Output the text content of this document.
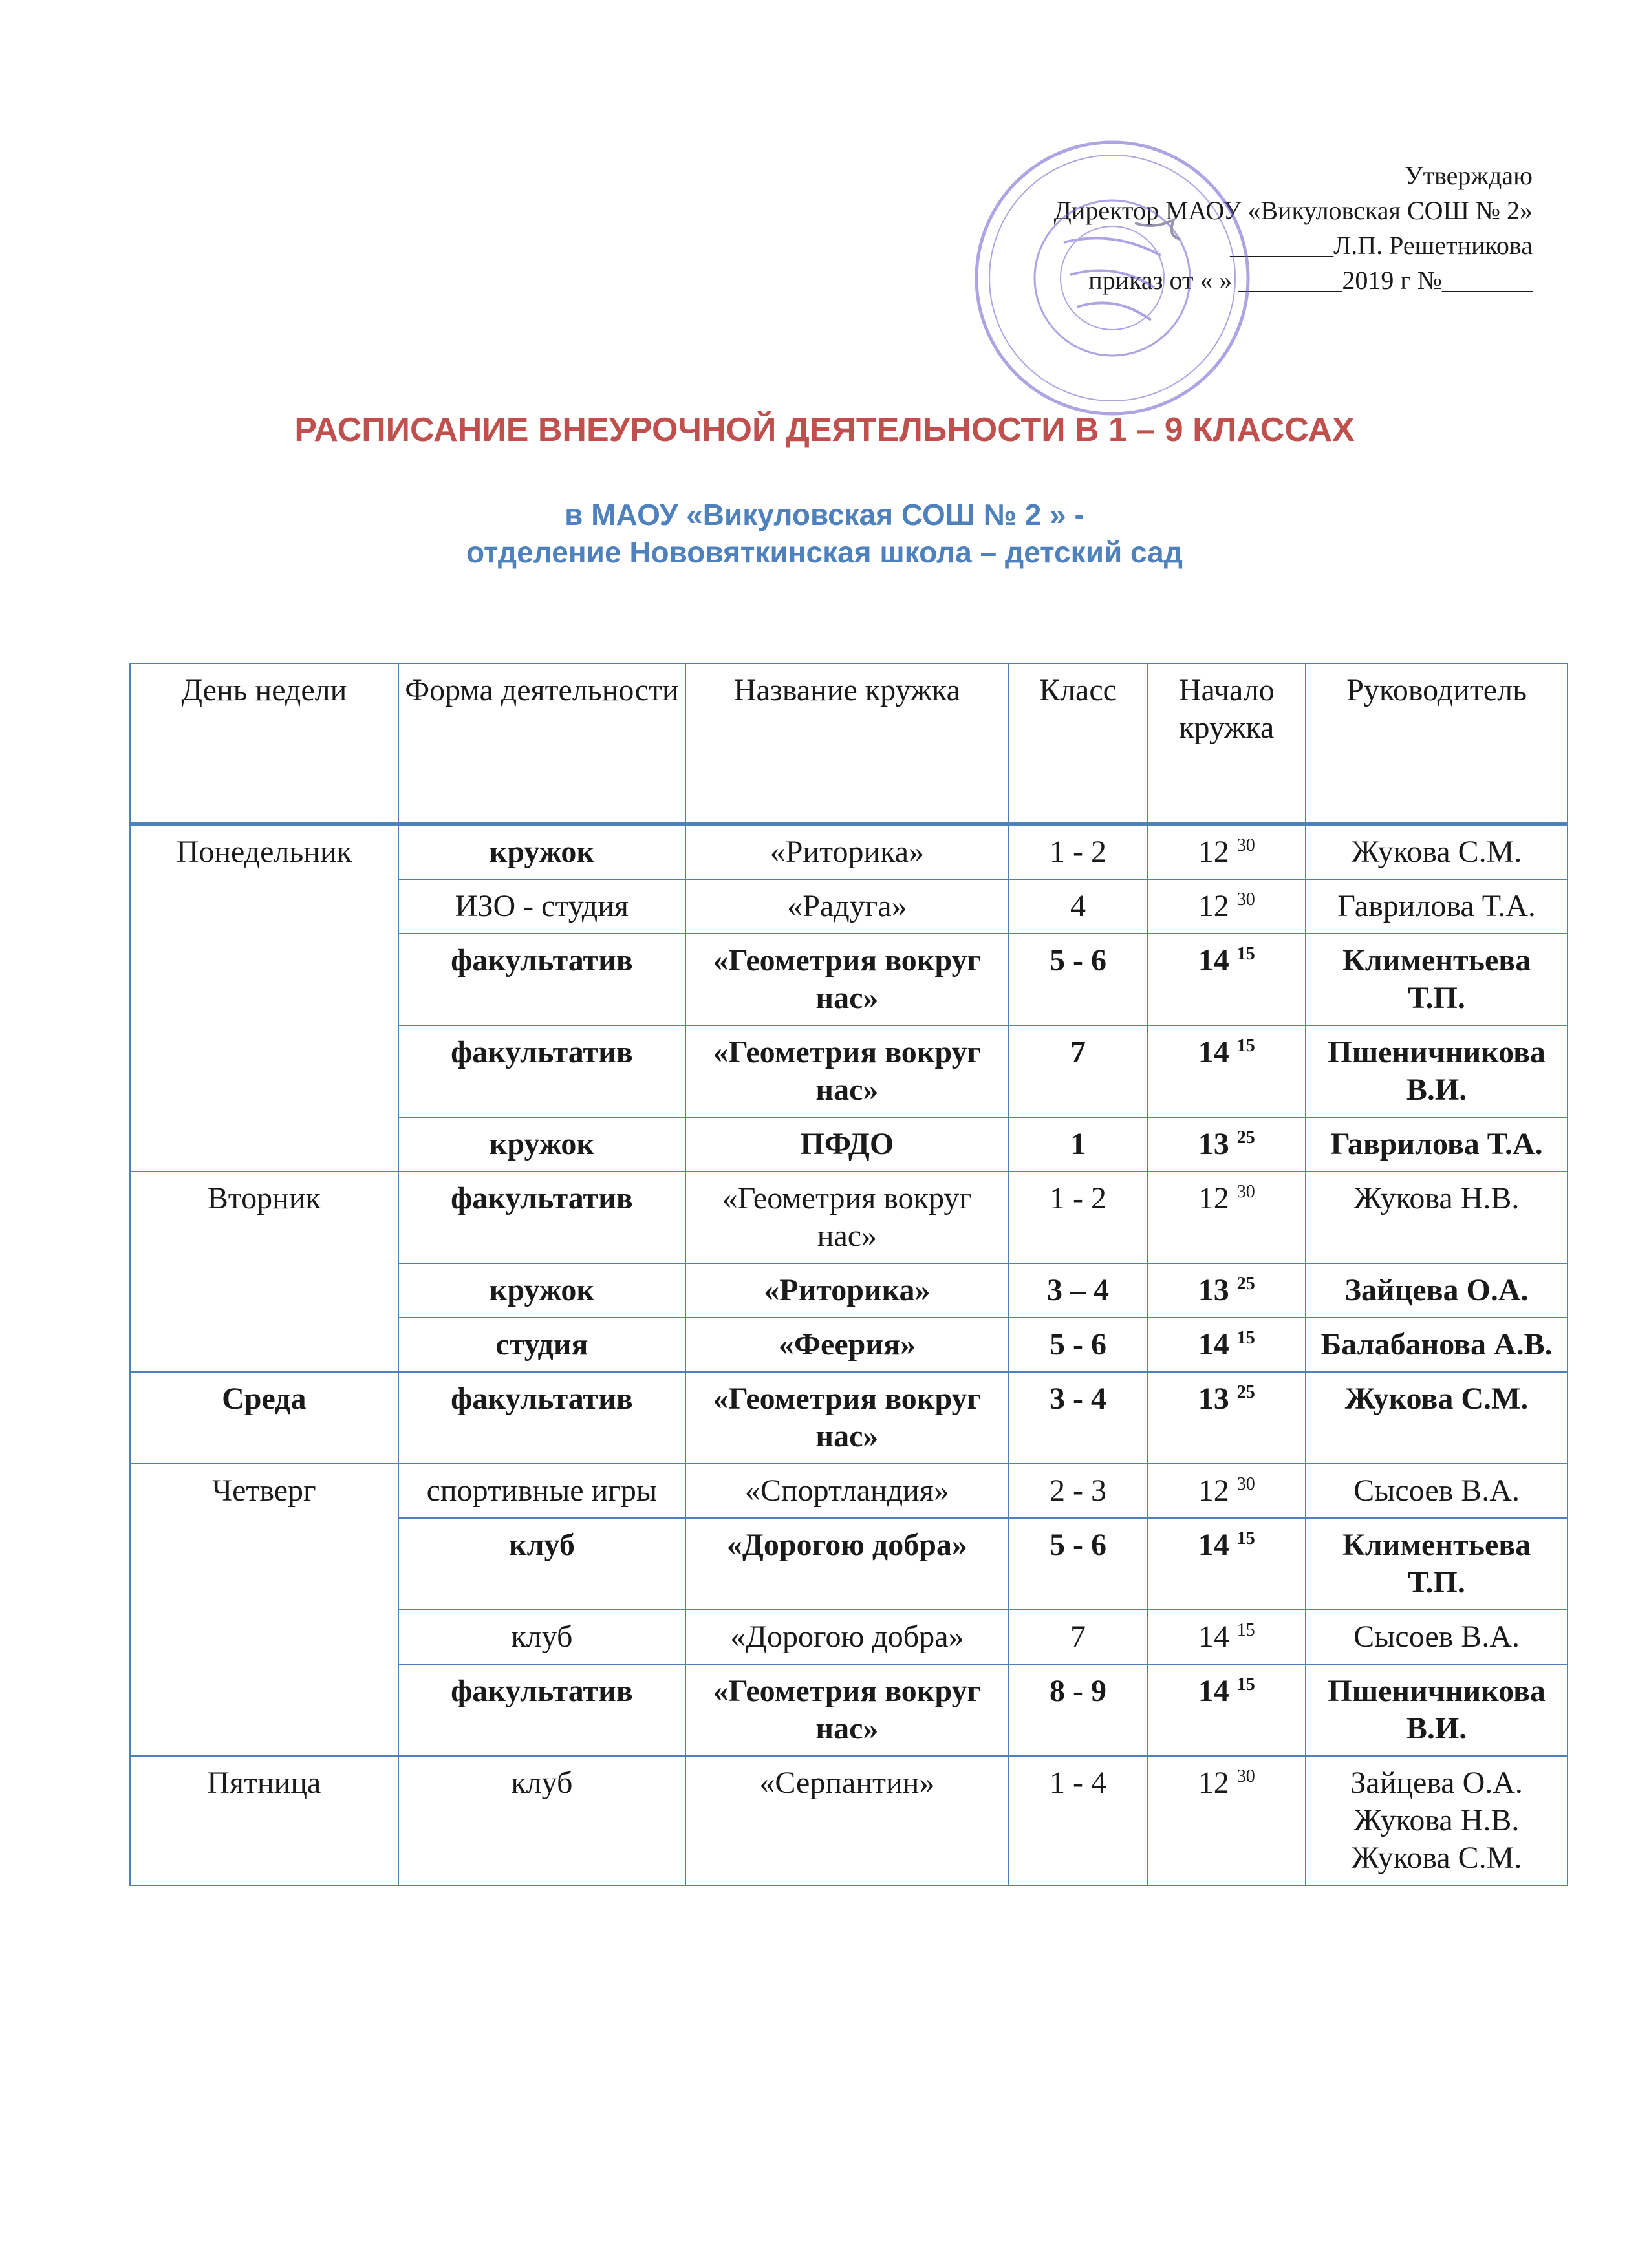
Утверждаю
Директор МАОУ «Викуловская СОШ № 2»
________Л.П. Решетникова
приказ от « » ________2019 г №_______
РАСПИСАНИЕ ВНЕУРОЧНОЙ ДЕЯТЕЛЬНОСТИ В 1 – 9 КЛАССАХ
в МАОУ «Викуловская СОШ № 2 » -
отделение Нововяткинская школа – детский сад
День недели	Форма деятельности	Название кружка	Класс	Начало кружка	Руководитель
Понедельник	кружок	«Риторика»	1 - 2	12 $^{30}$	Жукова С.М.
	ИЗО - студия	«Радуга»	4	12 $^{30}$	Гаврилова Т.А.
	факультатив	«Геометрия вокруг нас»	5 - 6	14 $^{15}$	Климентьева Т.П.
	факультатив	«Геометрия вокруг нас»	7	14 $^{15}$	Пшеничникова В.И.
	кружок	ПФДО	1	13 $^{25}$	Гаврилова Т.А.
Вторник	факультатив	«Геометрия вокруг нас»	1 - 2	12 $^{30}$	Жукова Н.В.
	кружок	«Риторика»	3 – 4	13 $^{25}$	Зайцева О.А.
	студия	«Феерия»	5 - 6	14 $^{15}$	Балабанова А.В.
Среда	факультатив	«Геометрия вокруг нас»	3 - 4	13 $^{25}$	Жукова С.М.
Четверг	спортивные игры	«Спортландия»	2 - 3	12 $^{30}$	Сысоев В.А.
	клуб	«Дорогою добра»	5 - 6	14 $^{15}$	Климентьева Т.П.
	клуб	«Дорогою добра»	7	14 $^{15}$	Сысоев В.А.
	факультатив	«Геометрия вокруг нас»	8 - 9	14 $^{15}$	Пшеничникова В.И.
Пятница	клуб	«Серпантин»	1 - 4	12 $^{30}$	Зайцева О.А.
Жукова Н.В.
Жукова С.М.
